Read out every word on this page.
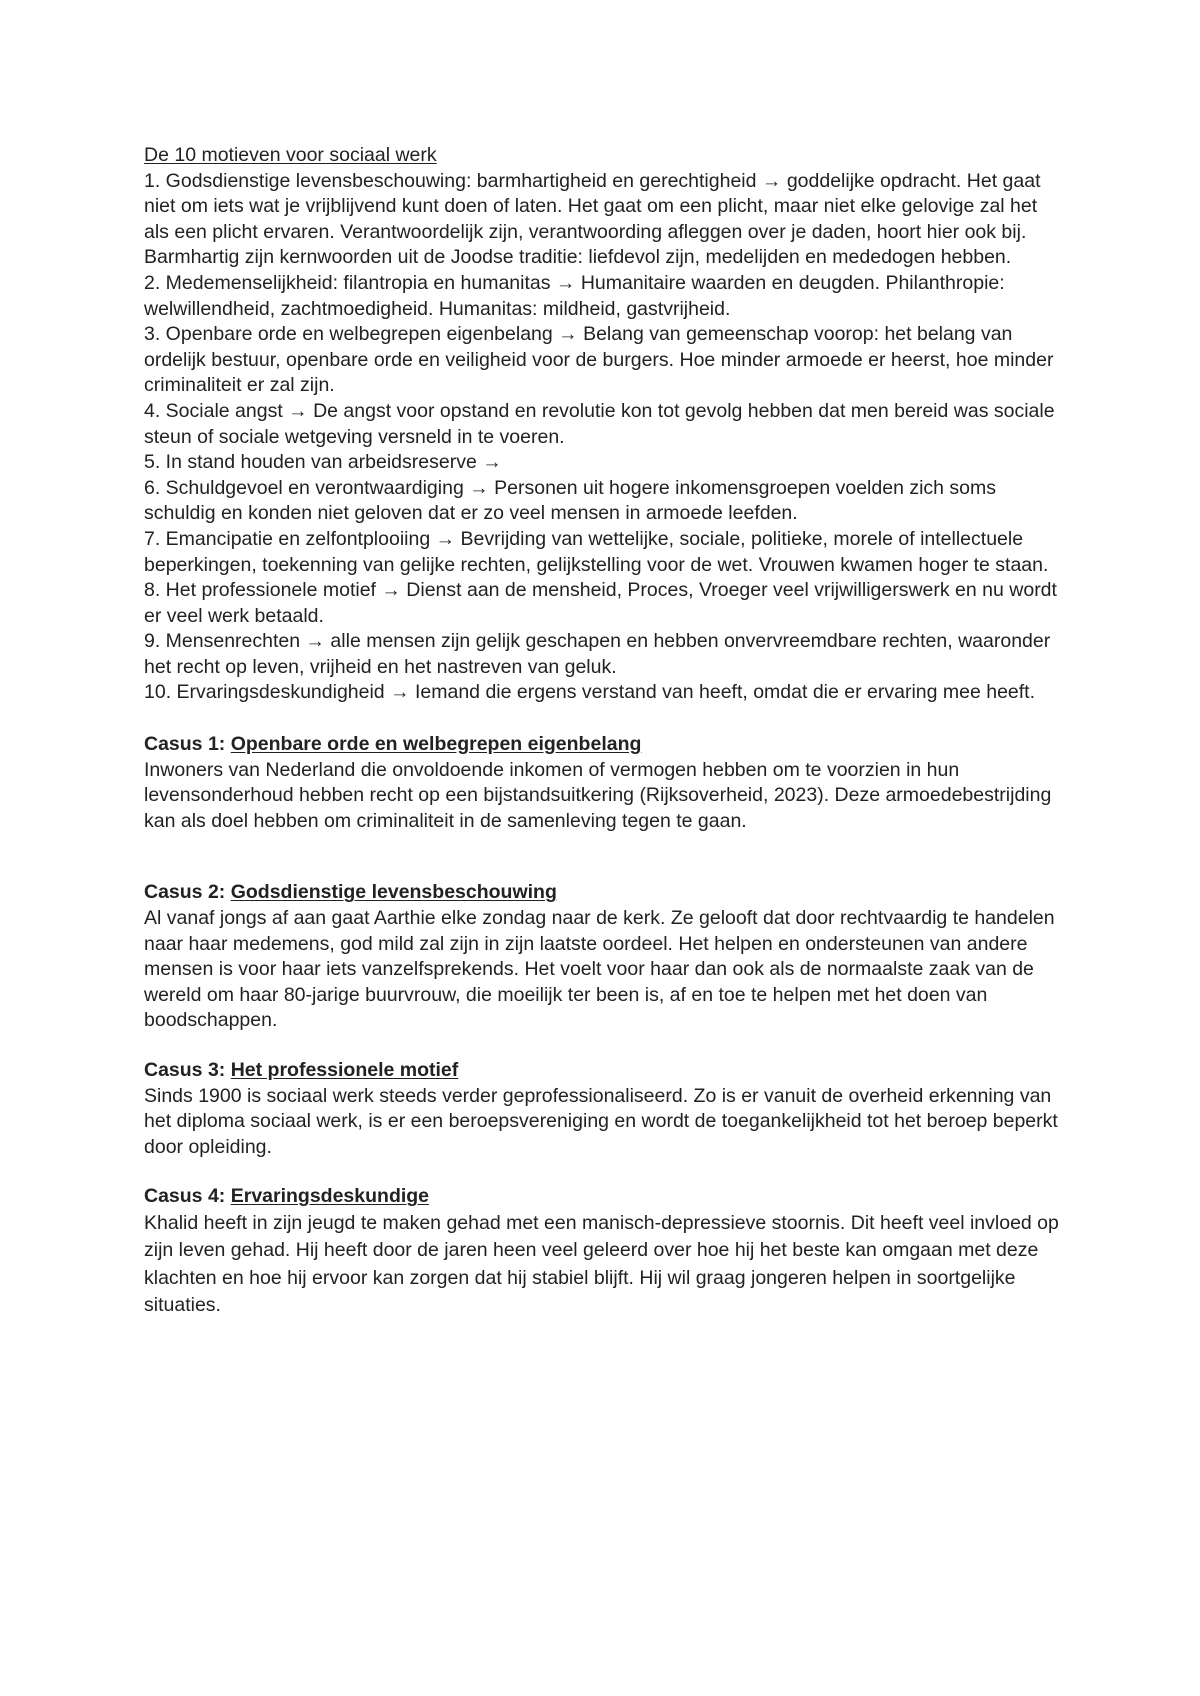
De 10 motieven voor sociaal werk

1. Godsdienstige levensbeschouwing: barmhartigheid en gerechtigheid → goddelijke opdracht. Het gaat niet om iets wat je vrijblijvend kunt doen of laten. Het gaat om een plicht, maar niet elke gelovige zal het als een plicht ervaren. Verantwoordelijk zijn, verantwoording afleggen over je daden, hoort hier ook bij. Barmhartig zijn kernwoorden uit de Joodse traditie: liefdevol zijn, medelijden en mededogen hebben.

2. Medemenselijkheid: filantropia en humanitas → Humanitaire waarden en deugden. Philanthropie: welwillendheid, zachtmoedigheid. Humanitas: mildheid, gastvrijheid.

3. Openbare orde en welbegrepen eigenbelang → Belang van gemeenschap voorop: het belang van ordelijk bestuur, openbare orde en veiligheid voor de burgers. Hoe minder armoede er heerst, hoe minder criminaliteit er zal zijn.

4. Sociale angst → De angst voor opstand en revolutie kon tot gevolg hebben dat men bereid was sociale steun of sociale wetgeving versneld in te voeren.

5. In stand houden van arbeidsreserve →

6. Schuldgevoel en verontwaardiging → Personen uit hogere inkomensgroepen voelden zich soms schuldig en konden niet geloven dat er zo veel mensen in armoede leefden.

7. Emancipatie en zelfontplooiing → Bevrijding van wettelijke, sociale, politieke, morele of intellectuele beperkingen, toekenning van gelijke rechten, gelijkstelling voor de wet. Vrouwen kwamen hoger te staan.

8. Het professionele motief → Dienst aan de mensheid, Proces, Vroeger veel vrijwilligerswerk en nu wordt er veel werk betaald.

9. Mensenrechten → alle mensen zijn gelijk geschapen en hebben onvervreemdbare rechten, waaronder het recht op leven, vrijheid en het nastreven van geluk.

10. Ervaringsdeskundigheid → Iemand die ergens verstand van heeft, omdat die er ervaring mee heeft.

Casus 1: Openbare orde en welbegrepen eigenbelang

Inwoners van Nederland die onvoldoende inkomen of vermogen hebben om te voorzien in hun levensonderhoud hebben recht op een bijstandsuitkering (Rijksoverheid, 2023). Deze armoedebestrijding kan als doel hebben om criminaliteit in de samenleving tegen te gaan.

Casus 2: Godsdienstige levensbeschouwing

Al vanaf jongs af aan gaat Aarthie elke zondag naar de kerk. Ze gelooft dat door rechtvaardig te handelen naar haar medemens, god mild zal zijn in zijn laatste oordeel. Het helpen en ondersteunen van andere mensen is voor haar iets vanzelfsprekends. Het voelt voor haar dan ook als de normaalste zaak van de wereld om haar 80-jarige buurvrouw, die moeilijk ter been is, af en toe te helpen met het doen van boodschappen.

Casus 3: Het professionele motief

Sinds 1900 is sociaal werk steeds verder geprofessionaliseerd. Zo is er vanuit de overheid erkenning van het diploma sociaal werk, is er een beroepsvereniging en wordt de toegankelijkheid tot het beroep beperkt door opleiding.

Casus 4: Ervaringsdeskundige

Khalid heeft in zijn jeugd te maken gehad met een manisch-depressieve stoornis. Dit heeft veel invloed op zijn leven gehad. Hij heeft door de jaren heen veel geleerd over hoe hij het beste kan omgaan met deze klachten en hoe hij ervoor kan zorgen dat hij stabiel blijft. Hij wil graag jongeren helpen in soortgelijke situaties.
